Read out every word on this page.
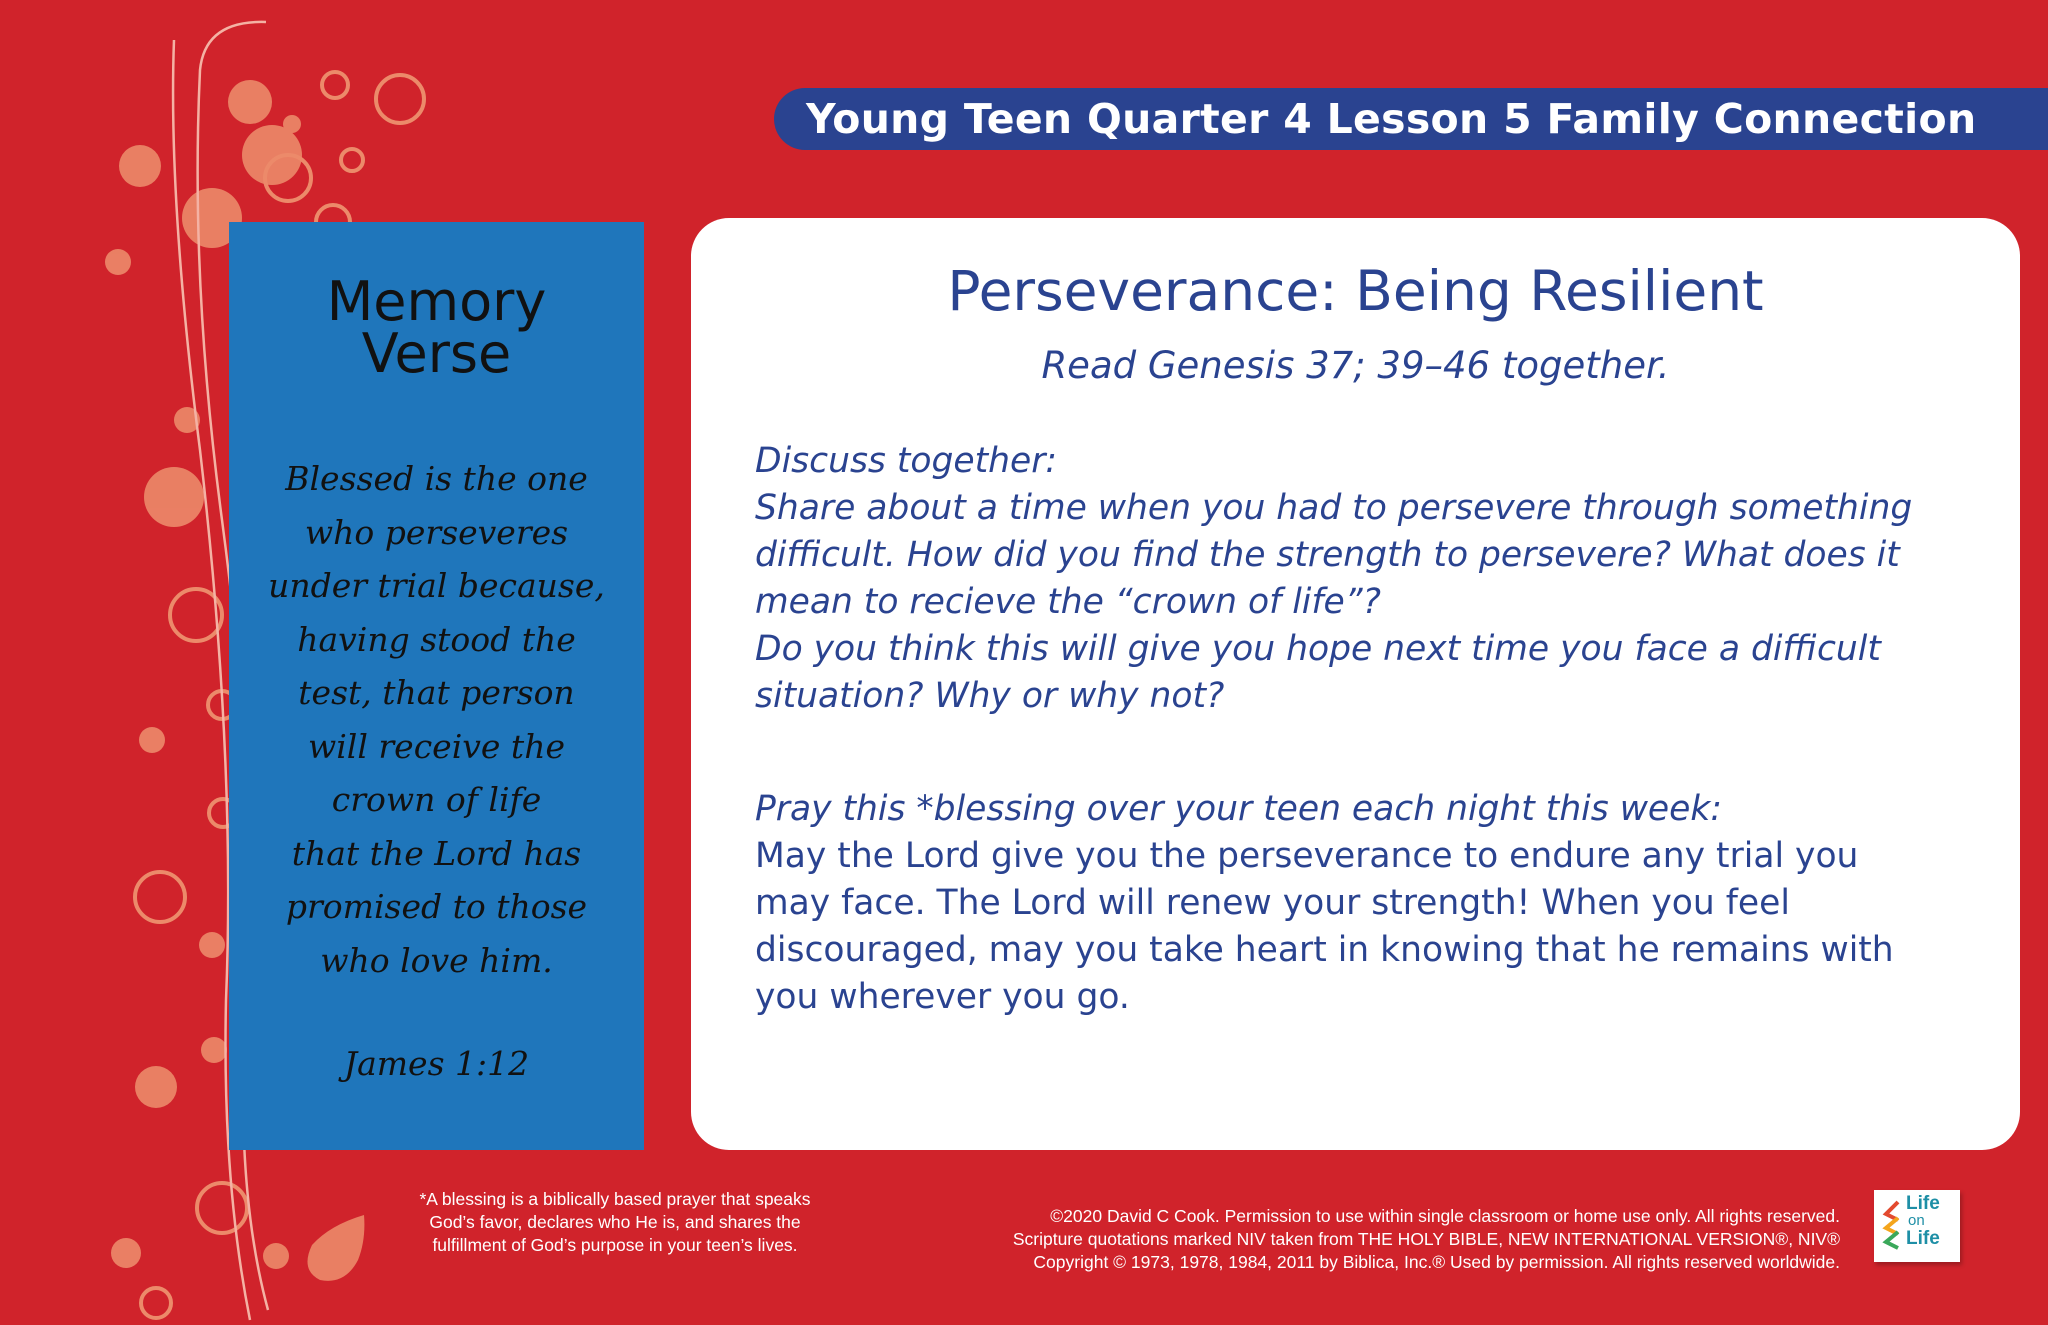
Young Teen Quarter 4 Lesson 5 Family Connection
Memory
Verse
Blessed is the one
who perseveres
under trial because,
having stood the
test, that person
will receive the
crown of life
that the Lord has
promised to those
who love him.
James 1:12
Perseverance: Being Resilient
Read Genesis 37; 39–46 together.
Discuss together:
Share about a time when you had to persevere through something
difficult. How did you find the strength to persevere? What does it
mean to recieve the “crown of life”?
Do you think this will give you hope next time you face a difficult
situation? Why or why not?
Pray this *blessing over your teen each night this week:
May the Lord give you the perseverance to endure any trial you
may face. The Lord will renew your strength! When you feel
discouraged, may you take heart in knowing that he remains with
you wherever you go.
*A blessing is a biblically based prayer that speaks
God’s favor, declares who He is, and shares the
fulfillment of God’s purpose in your teen’s lives.
©2020 David C Cook. Permission to use within single classroom or home use only. All rights reserved.
Scripture quotations marked NIV taken from THE HOLY BIBLE, NEW INTERNATIONAL VERSION®, NIV®
Copyright © 1973, 1978, 1984, 2011 by Biblica, Inc.® Used by permission. All rights reserved worldwide.
Life
on
Life
